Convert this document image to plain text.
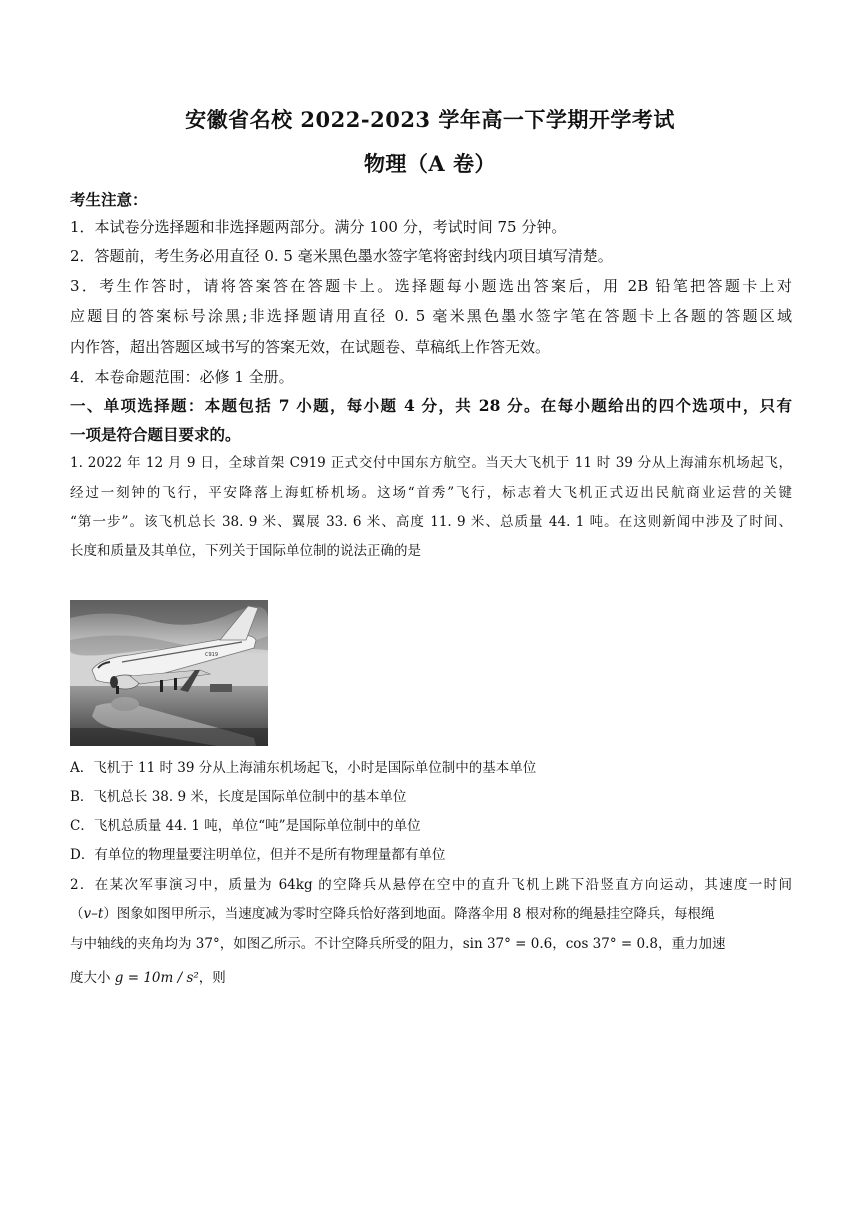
安徽省名校 2022-2023 学年高一下学期开学考试
物理（A 卷）
考生注意：
1．本试卷分选择题和非选择题两部分。满分 100 分，考试时间 75 分钟。
2．答题前，考生务必用直径 0. 5 毫米黑色墨水签字笔将密封线内项目填写清楚。
3．考生作答时，请将答案答在答题卡上。选择题每小题选出答案后，用 2B 铅笔把答题卡上对
应题目的答案标号涂黑;非选择题请用直径 0. 5 毫米黑色墨水签字笔在答题卡上各题的答题区域
内作答，超出答题区域书写的答案无效，在试题卷、草稿纸上作答无效。
4．本卷命题范围：必修 1 全册。
一、单项选择题：本题包括 7 小题，每小题 4 分，共 28 分。在每小题给出的四个选项中，只有
一项是符合题目要求的。
1. 2022 年 12 月 9 日，全球首架 C919 正式交付中国东方航空。当天大飞机于 11 时 39 分从上海浦东机场起飞，
经过一刻钟的飞行，平安降落上海虹桥机场。这场“首秀”飞行，标志着大飞机正式迈出民航商业运营的关键
“第一步”。该飞机总长 38. 9 米、翼展 33. 6 米、高度 11. 9 米、总质量 44. 1 吨。在这则新闻中涉及了时间、
长度和质量及其单位，下列关于国际单位制的说法正确的是
C919
A．飞机于 11 时 39 分从上海浦东机场起飞，小时是国际单位制中的基本单位
B．飞机总长 38. 9 米，长度是国际单位制中的基本单位
C．飞机总质量 44. 1 吨，单位“吨”是国际单位制中的单位
D．有单位的物理量要注明单位，但并不是所有物理量都有单位
2．在某次军事演习中，质量为 64kg 的空降兵从悬停在空中的直升飞机上跳下沿竖直方向运动，其速度一时间
（v–t）图象如图甲所示，当速度减为零时空降兵恰好落到地面。降落伞用 8 根对称的绳悬挂空降兵，每根绳
与中轴线的夹角均为 37°，如图乙所示。不计空降兵所受的阻力，sin 37° = 0.6，cos 37° = 0.8，重力加速
度大小 g = 10m / s²，则
